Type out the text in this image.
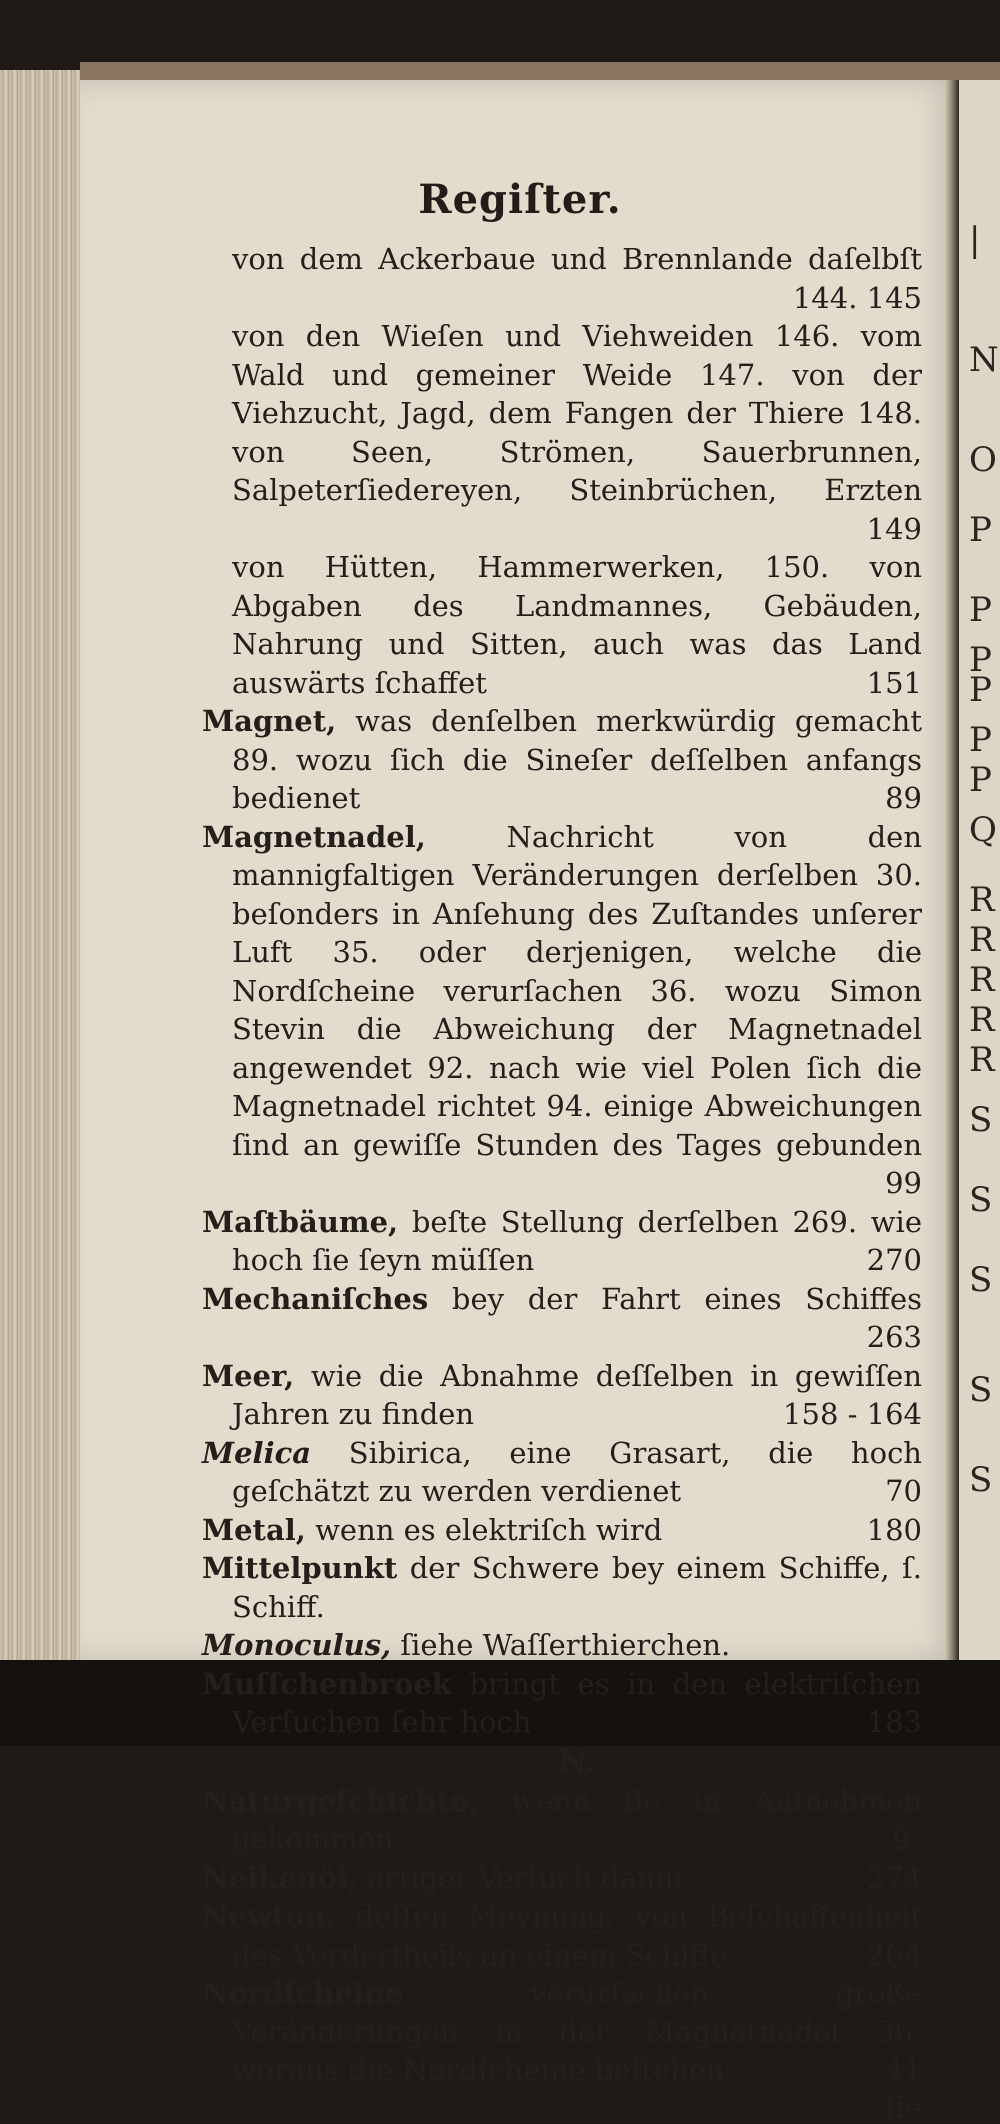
|
N
O
P
P
P
P
P
P
Q
R
R
R
R
R
S
S
S
S
S
Regiſter.
von dem Ackerbaue und Brennlande daſelbſt
144. 145
von den Wieſen und Viehweiden 146. vom Wald und gemeiner Weide 147. von der Viehzucht, Jagd, dem Fangen der Thiere 148. von Seen, Strömen, Sauerbrunnen, Salpeterſiedereyen, Steinbrüchen, Erzten
149
von Hütten, Hammerwerken, 150. von Abgaben des Landmannes, Gebäuden, Nahrung und Sitten, auch was das Land auswärts ſchaffet	151
Magnet, was denſelben merkwürdig gemacht 89. wozu ſich die Sineſer deſſelben anfangs bedienet	89
Magnetnadel, Nachricht von den mannigfaltigen Veränderungen derſelben 30. beſonders in Anſehung des Zuſtandes unſerer Luft 35. oder derjenigen, welche die Nordſcheine verurſachen 36. wozu Simon Stevin die Abweichung der Magnetnadel angewendet 92. nach wie viel Polen ſich die Magnetnadel richtet 94. einige Abweichungen ſind an gewiſſe Stunden des Tages gebunden
99
Maſtbäume, beſte Stellung derſelben 269. wie hoch ſie ſeyn müſſen	270
Mechaniſches bey der Fahrt eines Schiffes
263
Meer, wie die Abnahme deſſelben in gewiſſen Jahren zu finden	158 - 164
Melica Sibirica, eine Grasart, die hoch geſchätzt zu werden verdienet	70
Metal, wenn es elektriſch wird	180
Mittelpunkt der Schwere bey einem Schiffe, ſ. Schiff.
Monoculus, ſiehe Waſſerthierchen.
Muſſchenbroek bringt es in den elektriſchen Verſuchen ſehr hoch	183
N.
Naturgeſchichte, wenn ſie in Aufnehmen gekommen	9
Nelkenöl, artiger Verſuch damit	274
Newton, deſſen Meynung, von Beſchaffenheit des Vordertheils an einem Schiffe	264
Nordſcheine verurſachen große Veränderungen in der Magnetnadel 36. woraus die Nordſcheine beſtehen	41
ſie
